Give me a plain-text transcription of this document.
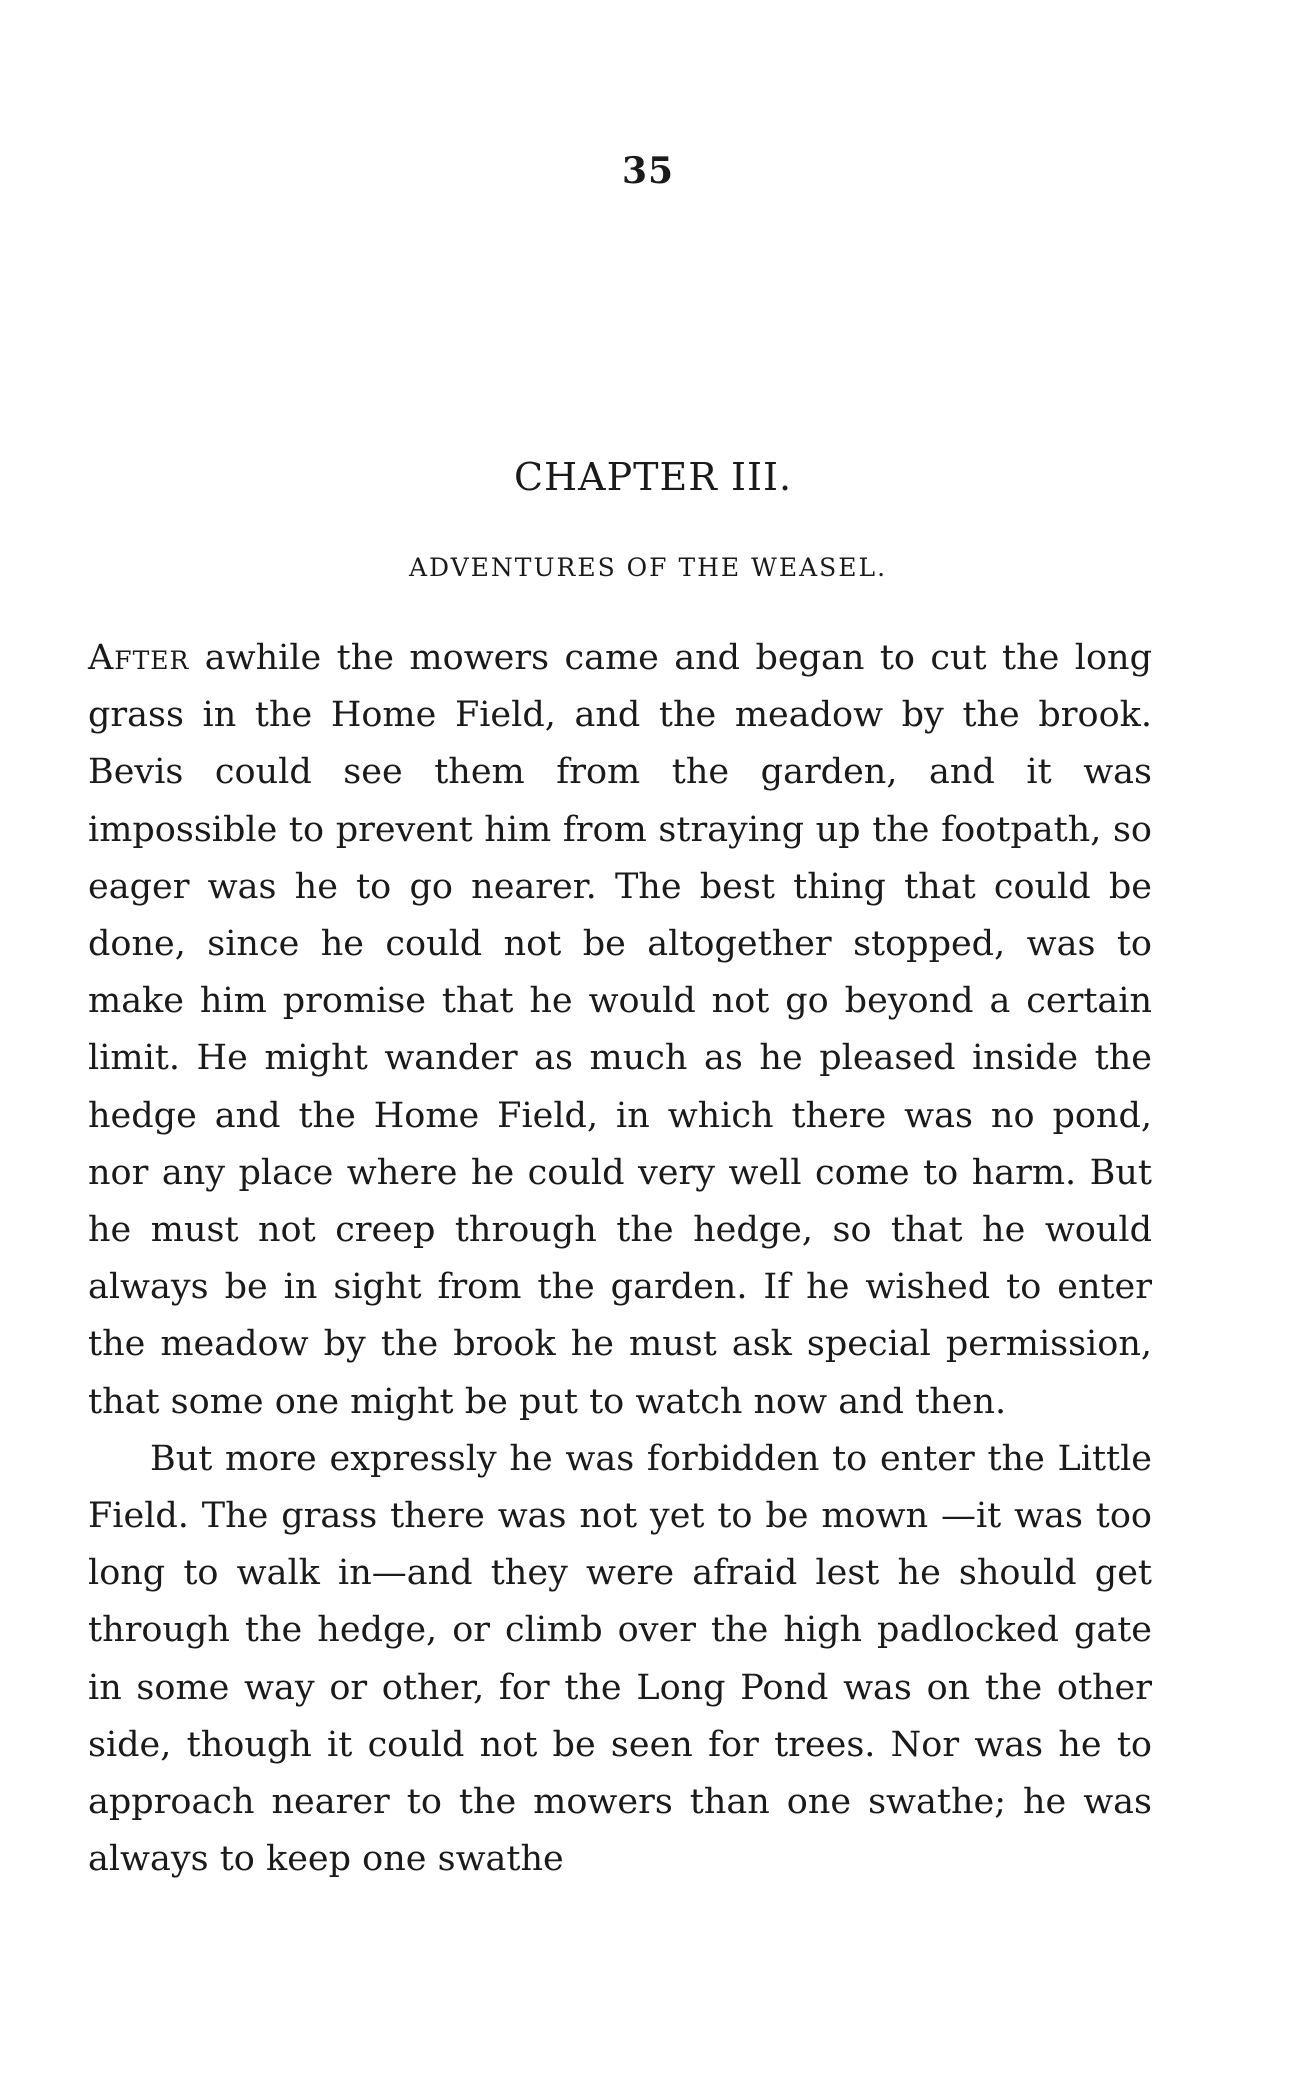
35
CHAPTER III.
ADVENTURES OF THE WEASEL.

After awhile the mowers came and began to cut the long grass in the Home Field, and the meadow by the brook. Bevis could see them from the garden, and it was impossible to prevent him from straying up the footpath, so eager was he to go nearer. The best thing that could be done, since he could not be altogether stopped, was to make him promise that he would not go beyond a certain limit. He might wander as much as he pleased inside the hedge and the Home Field, in which there was no pond, nor any place where he could very well come to harm. But he must not creep through the hedge, so that he would always be in sight from the garden. If he wished to enter the meadow by the brook he must ask special permission, that some one might be put to watch now and then.

But more expressly he was forbidden to enter the Little Field. The grass there was not yet to be mown —it was too long to walk in—and they were afraid lest he should get through the hedge, or climb over the high padlocked gate in some way or other, for the Long Pond was on the other side, though it could not be seen for trees. Nor was he to approach nearer to the mowers than one swathe; he was always to keep one swathe
